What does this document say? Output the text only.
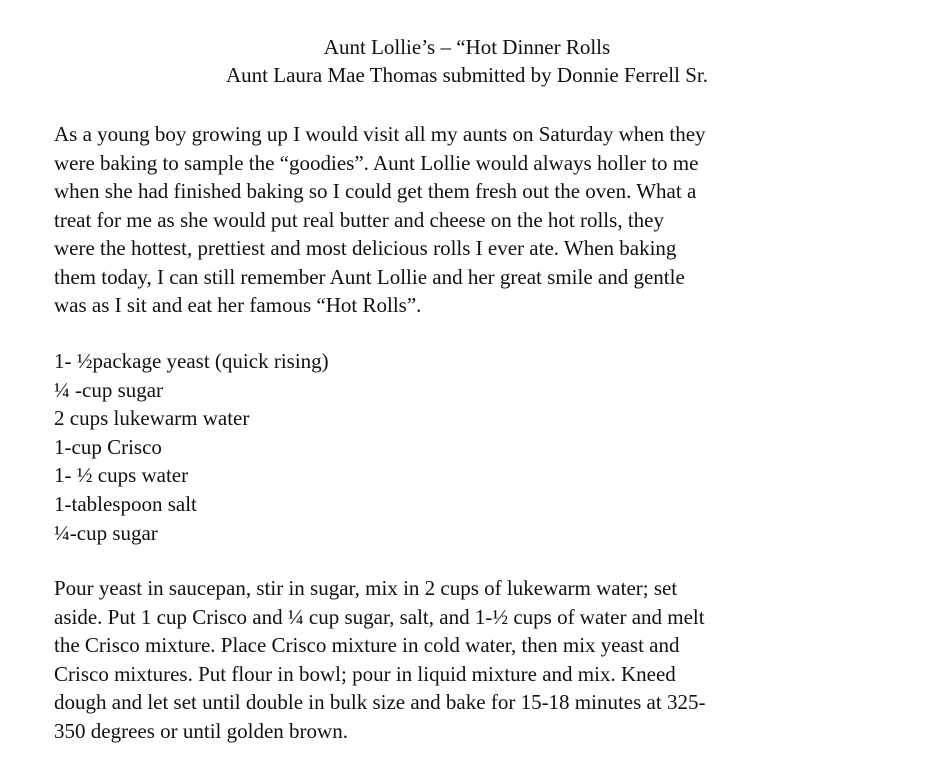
Aunt Lollie’s – “Hot Dinner Rolls
Aunt Laura Mae Thomas submitted by Donnie Ferrell Sr.
As a young boy growing up I would visit all my aunts on Saturday when they
were baking to sample the “goodies”. Aunt Lollie would always holler to me
when she had finished baking so I could get them fresh out the oven. What a
treat for me as she would put real butter and cheese on the hot rolls, they
were the hottest, prettiest and most delicious rolls I ever ate. When baking
them today, I can still remember Aunt Lollie and her great smile and gentle
was as I sit and eat her famous “Hot Rolls”.
1- ½package yeast (quick rising)
¼ -cup sugar
2 cups lukewarm water
1-cup Crisco
1- ½ cups water
1-tablespoon salt
¼-cup sugar
Pour yeast in saucepan, stir in sugar, mix in 2 cups of lukewarm water; set
aside. Put 1 cup Crisco and ¼ cup sugar, salt, and 1-½ cups of water and melt
the Crisco mixture. Place Crisco mixture in cold water, then mix yeast and
Crisco mixtures. Put flour in bowl; pour in liquid mixture and mix. Kneed
dough and let set until double in bulk size and bake for 15-18 minutes at 325-
350 degrees or until golden brown.
